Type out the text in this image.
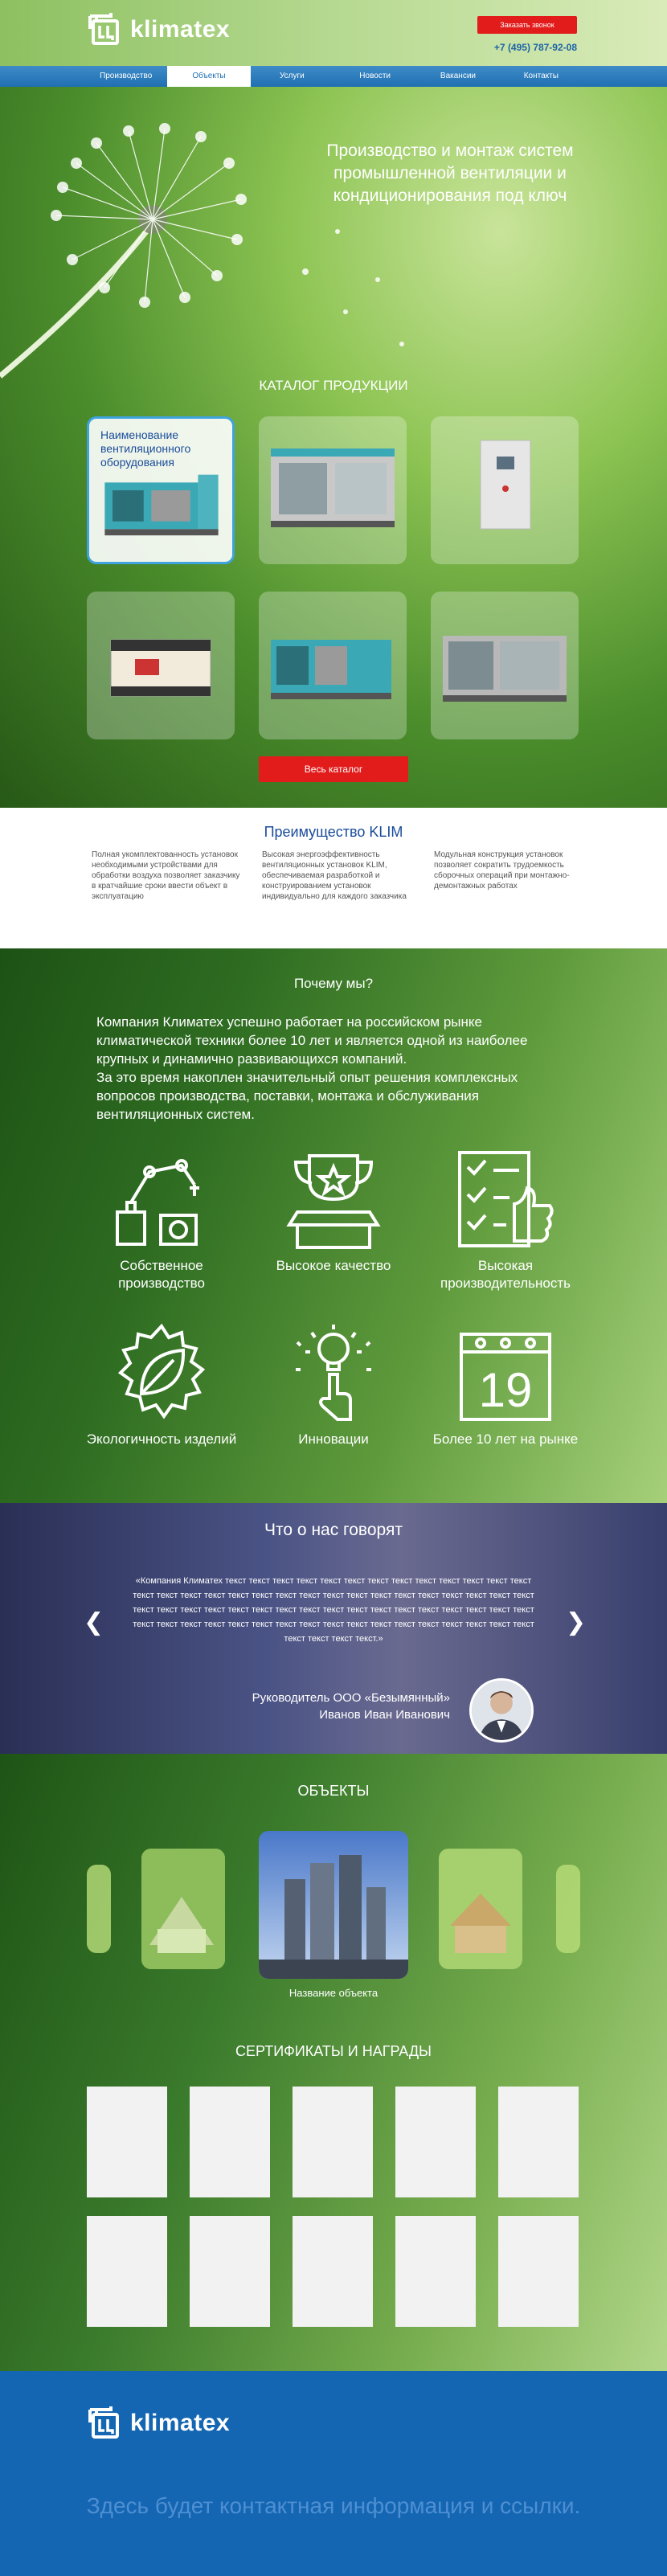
klimatex	Заказать звонок
+7 (495) 787-92-08
Производство	Объекты	Услуги	Новости	Вакансии	Контакты
Производство и монтаж систем промышленной вентиляции и кондиционирования под ключ
КАТАЛОГ ПРОДУКЦИИ
Наименование вентиляционного оборудования
Весь каталог
Преимущество KLIM
Полная укомплектованность установок необходимыми устройствами для обработки воздуха позволяет заказчику в кратчайшие сроки ввести объект в эксплуатацию
Высокая энергоэффективность вентиляционных установок KLIM, обеспечиваемая разработкой и конструированием установок индивидуально для каждого заказчика
Модульная конструкция установок позволяет сократить трудоемкость сборочных операций при монтажно-демонтажных работах
Почему мы?
Компания Климатех успешно работает на российском рынке климатической техники более 10 лет и является одной из наиболее крупных и динамично развивающихся компаний.
За это время накоплен значительный опыт решения комплексных вопросов производства, поставки, монтажа и обслуживания вентиляционных систем.
Собственное производство
Высокое качество	Высокая производительность
Экологичность изделий	Инновации
19
Более 10 лет на рынке
Что о нас говорят
❮
«Компания Климатех текст текст текст текст текст текст текст текст текст текст текст текст текст текст текст текст текст текст текст текст текст текст текст текст текст текст текст текст текст текст текст текст текст текст текст текст текст текст текст текст текст текст текст текст текст текст текст текст текст текст текст текст текст текст текст текст текст текст текст текст текст текст текст текст текст текст текст текст.»
❯
Руководитель ООО «Безымянный»
Иванов Иван Иванович
ОБЪЕКТЫ
Название объекта
СЕРТИФИКАТЫ И НАГРАДЫ
klimatex
Здесь будет контактная информация и ссылки.
